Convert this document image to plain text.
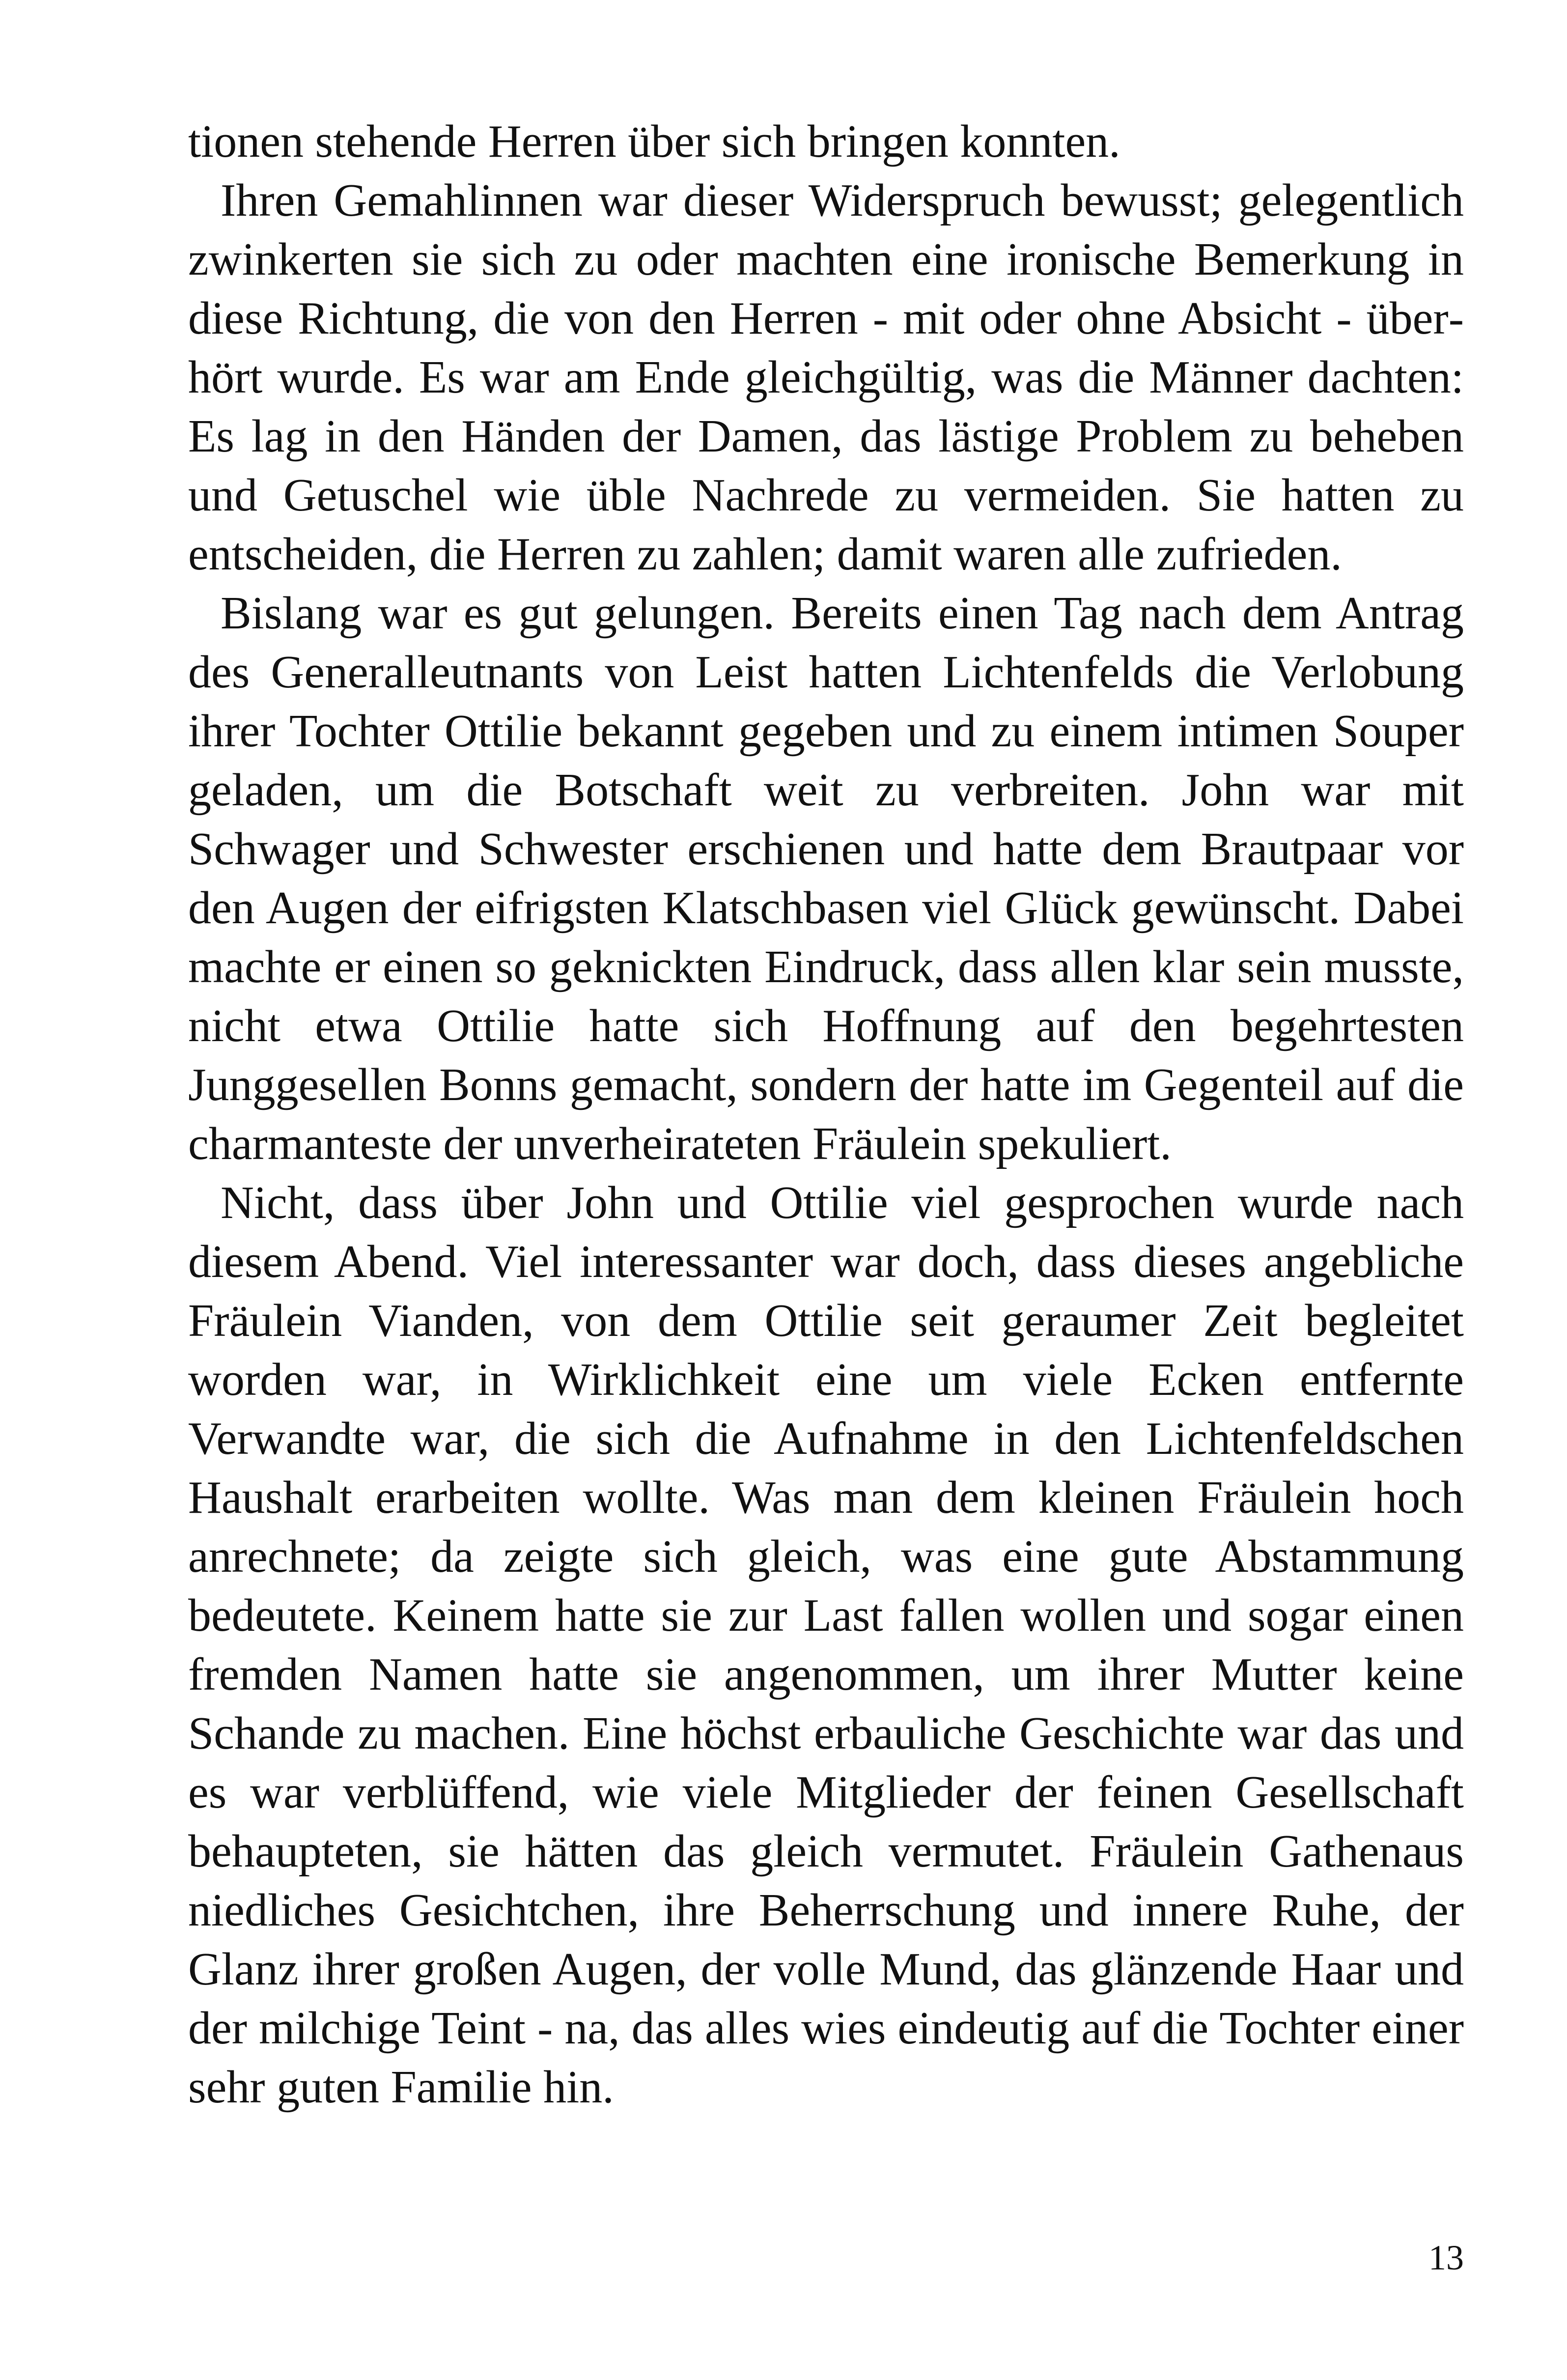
tionen stehende Herren über sich bringen konnten.

Ihren Gemahlinnen war dieser Widerspruch bewusst; gelegentlich zwinkerten sie sich zu oder machten eine ironische Bemerkung in diese Richtung, die von den Herren - mit oder ohne Absicht - überhört wurde. Es war am Ende gleichgültig, was die Männer dachten: Es lag in den Händen der Damen, das lästige Problem zu beheben und Getuschel wie üble Nachrede zu vermeiden. Sie hatten zu entscheiden, die Herren zu zahlen; damit waren alle zufrieden.

Bislang war es gut gelungen. Bereits einen Tag nach dem Antrag des Generalleutnants von Leist hatten Lichtenfelds die Verlobung ihrer Tochter Ottilie bekannt gegeben und zu einem intimen Souper geladen, um die Botschaft weit zu verbreiten. John war mit Schwager und Schwester erschienen und hatte dem Brautpaar vor den Augen der eifrigsten Klatschbasen viel Glück gewünscht. Dabei machte er einen so geknickten Eindruck, dass allen klar sein musste, nicht etwa Ottilie hatte sich Hoffnung auf den begehrtesten Junggesellen Bonns gemacht, sondern der hatte im Gegenteil auf die charmanteste der unverheirateten Fräulein spekuliert.

Nicht, dass über John und Ottilie viel gesprochen wurde nach diesem Abend. Viel interessanter war doch, dass dieses angebliche Fräulein Vianden, von dem Ottilie seit geraumer Zeit begleitet worden war, in Wirklichkeit eine um viele Ecken entfernte Verwandte war, die sich die Aufnahme in den Lichtenfeldschen Haushalt erarbeiten wollte. Was man dem kleinen Fräulein hoch anrechnete; da zeigte sich gleich, was eine gute Abstammung bedeutete. Keinem hatte sie zur Last fallen wollen und sogar einen fremden Namen hatte sie angenommen, um ihrer Mutter keine Schande zu machen. Eine höchst erbauliche Geschichte war das und es war verblüffend, wie viele Mitglieder der feinen Gesellschaft behaupteten, sie hätten das gleich vermutet. Fräulein Gathenaus niedliches Gesichtchen, ihre Beherrschung und innere Ruhe, der Glanz ihrer großen Augen, der volle Mund, das glänzende Haar und der milchige Teint - na, das alles wies eindeutig auf die Tochter einer sehr guten Familie hin.

13
